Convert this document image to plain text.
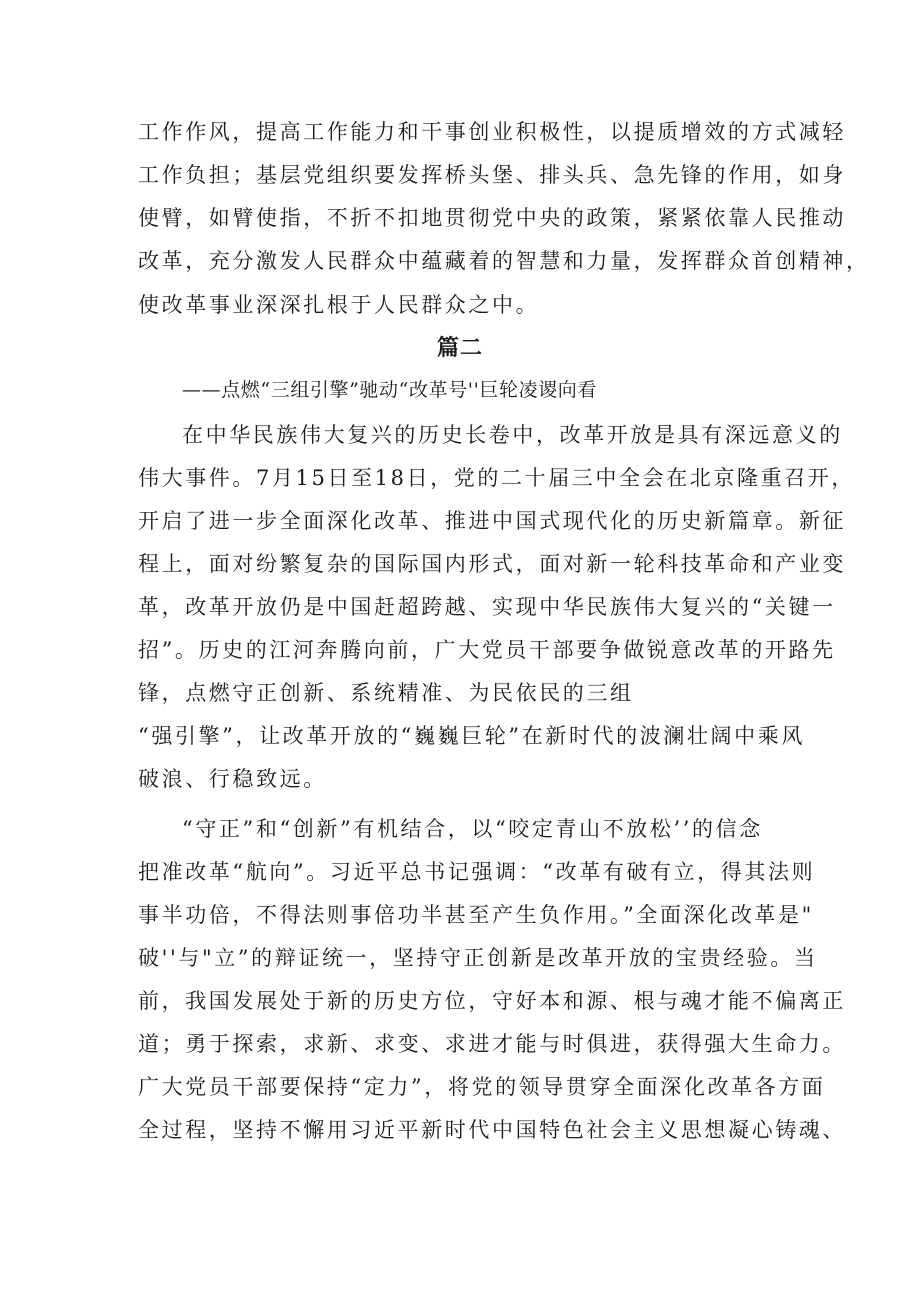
工作作风，提高工作能力和干事创业积极性，以提质增效的方式减轻
工作负担；基层党组织要发挥桥头堡、排头兵、急先锋的作用，如身
使臂，如臂使指，不折不扣地贯彻党中央的政策，紧紧依靠人民推动
改革，充分激发人民群众中蕴藏着的智慧和力量，发挥群众首创精神，
使改革事业深深扎根于人民群众之中。
篇二
——点燃“三组引擎”驰动“改革号''巨轮凌谡向看
在中华民族伟大复兴的历史长卷中，改革开放是具有深远意义的
伟大事件。7月15日至18日，党的二十届三中全会在北京隆重召开，
开启了进一步全面深化改革、推进中国式现代化的历史新篇章。新征
程上，面对纷繁复杂的国际国内形式，面对新一轮科技革命和产业变
革，改革开放仍是中国赶超跨越、实现中华民族伟大复兴的“关键一
招”。历史的江河奔腾向前，广大党员干部要争做锐意改革的开路先
锋，点燃守正创新、系统精准、为民依民的三组
“强引擎”，让改革开放的“巍巍巨轮”在新时代的波澜壮阔中乘风
破浪、行稳致远。
“守正”和“创新”有机结合，以“咬定青山不放松’’的信念
把准改革“航向”。习近平总书记强调：“改革有破有立，得其法则
事半功倍，不得法则事倍功半甚至产生负作用。”全面深化改革是"
破''与"立”的辩证统一，坚持守正创新是改革开放的宝贵经验。当
前，我国发展处于新的历史方位，守好本和源、根与魂才能不偏离正
道；勇于探索，求新、求变、求进才能与时俱进，获得强大生命力。
广大党员干部要保持“定力”，将党的领导贯穿全面深化改革各方面
全过程，坚持不懈用习近平新时代中国特色社会主义思想凝心铸魂、
